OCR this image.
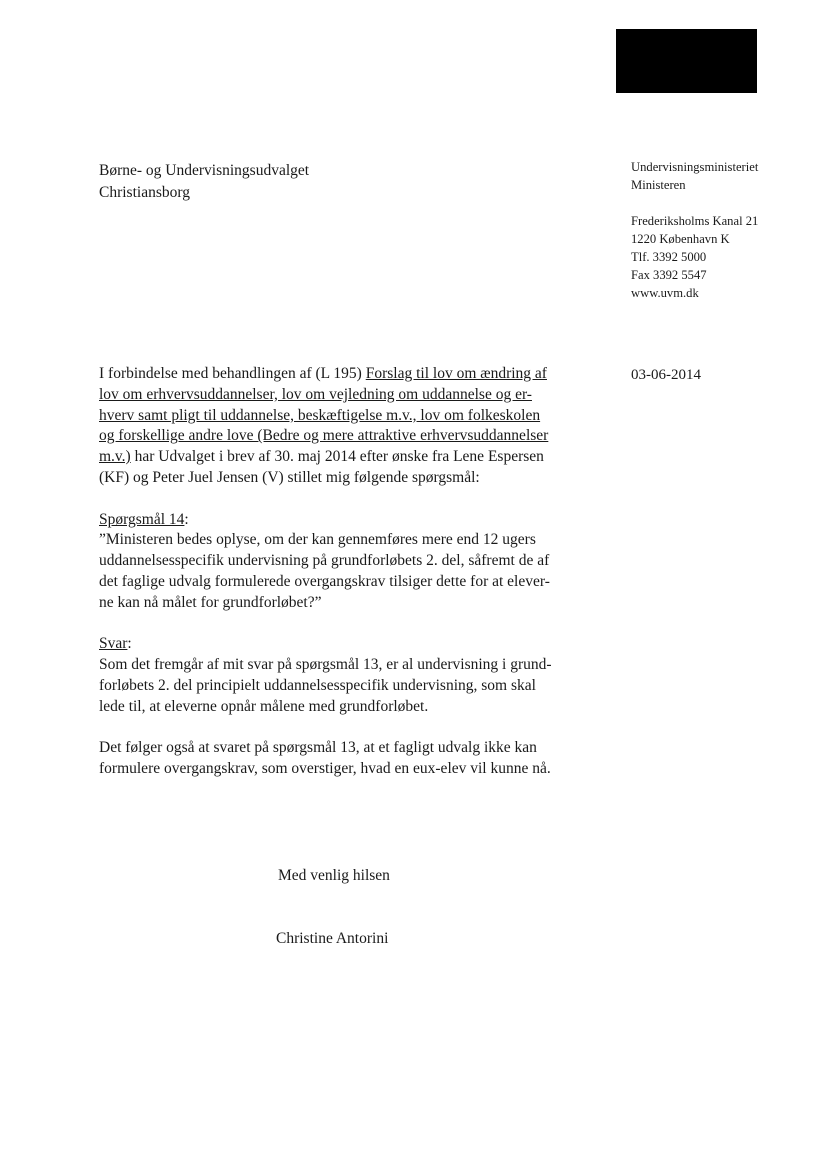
Børne- og Undervisningsudvalget
Christiansborg
Undervisningsministeriet
Ministeren
Frederiksholms Kanal 21
1220 København K
Tlf. 3392 5000
Fax 3392 5547
www.uvm.dk
03-06-2014

I forbindelse med behandlingen af (L 195) Forslag til lov om ændring af

lov om erhvervsuddannelser, lov om vejledning om uddannelse og er-

hverv samt pligt til uddannelse, beskæftigelse m.v., lov om folkeskolen

og forskellige andre love (Bedre og mere attraktive erhvervsuddannelser

m.v.) har Udvalget i brev af 30. maj 2014 efter ønske fra Lene Espersen

(KF) og Peter Juel Jensen (V) stillet mig følgende spørgsmål:

Spørgsmål 14:

”Ministeren bedes oplyse, om der kan gennemføres mere end 12 ugers

uddannelsesspecifik undervisning på grundforløbets 2. del, såfremt de af

det faglige udvalg formulerede overgangskrav tilsiger dette for at elever-

ne kan nå målet for grundforløbet?”

Svar:

Som det fremgår af mit svar på spørgsmål 13, er al undervisning i grund-

forløbets 2. del principielt uddannelsesspecifik undervisning, som skal

lede til, at eleverne opnår målene med grundforløbet.

Det følger også at svaret på spørgsmål 13, at et fagligt udvalg ikke kan

formulere overgangskrav, som overstiger, hvad en eux-elev vil kunne nå.

Med venlig hilsen
Christine Antorini
